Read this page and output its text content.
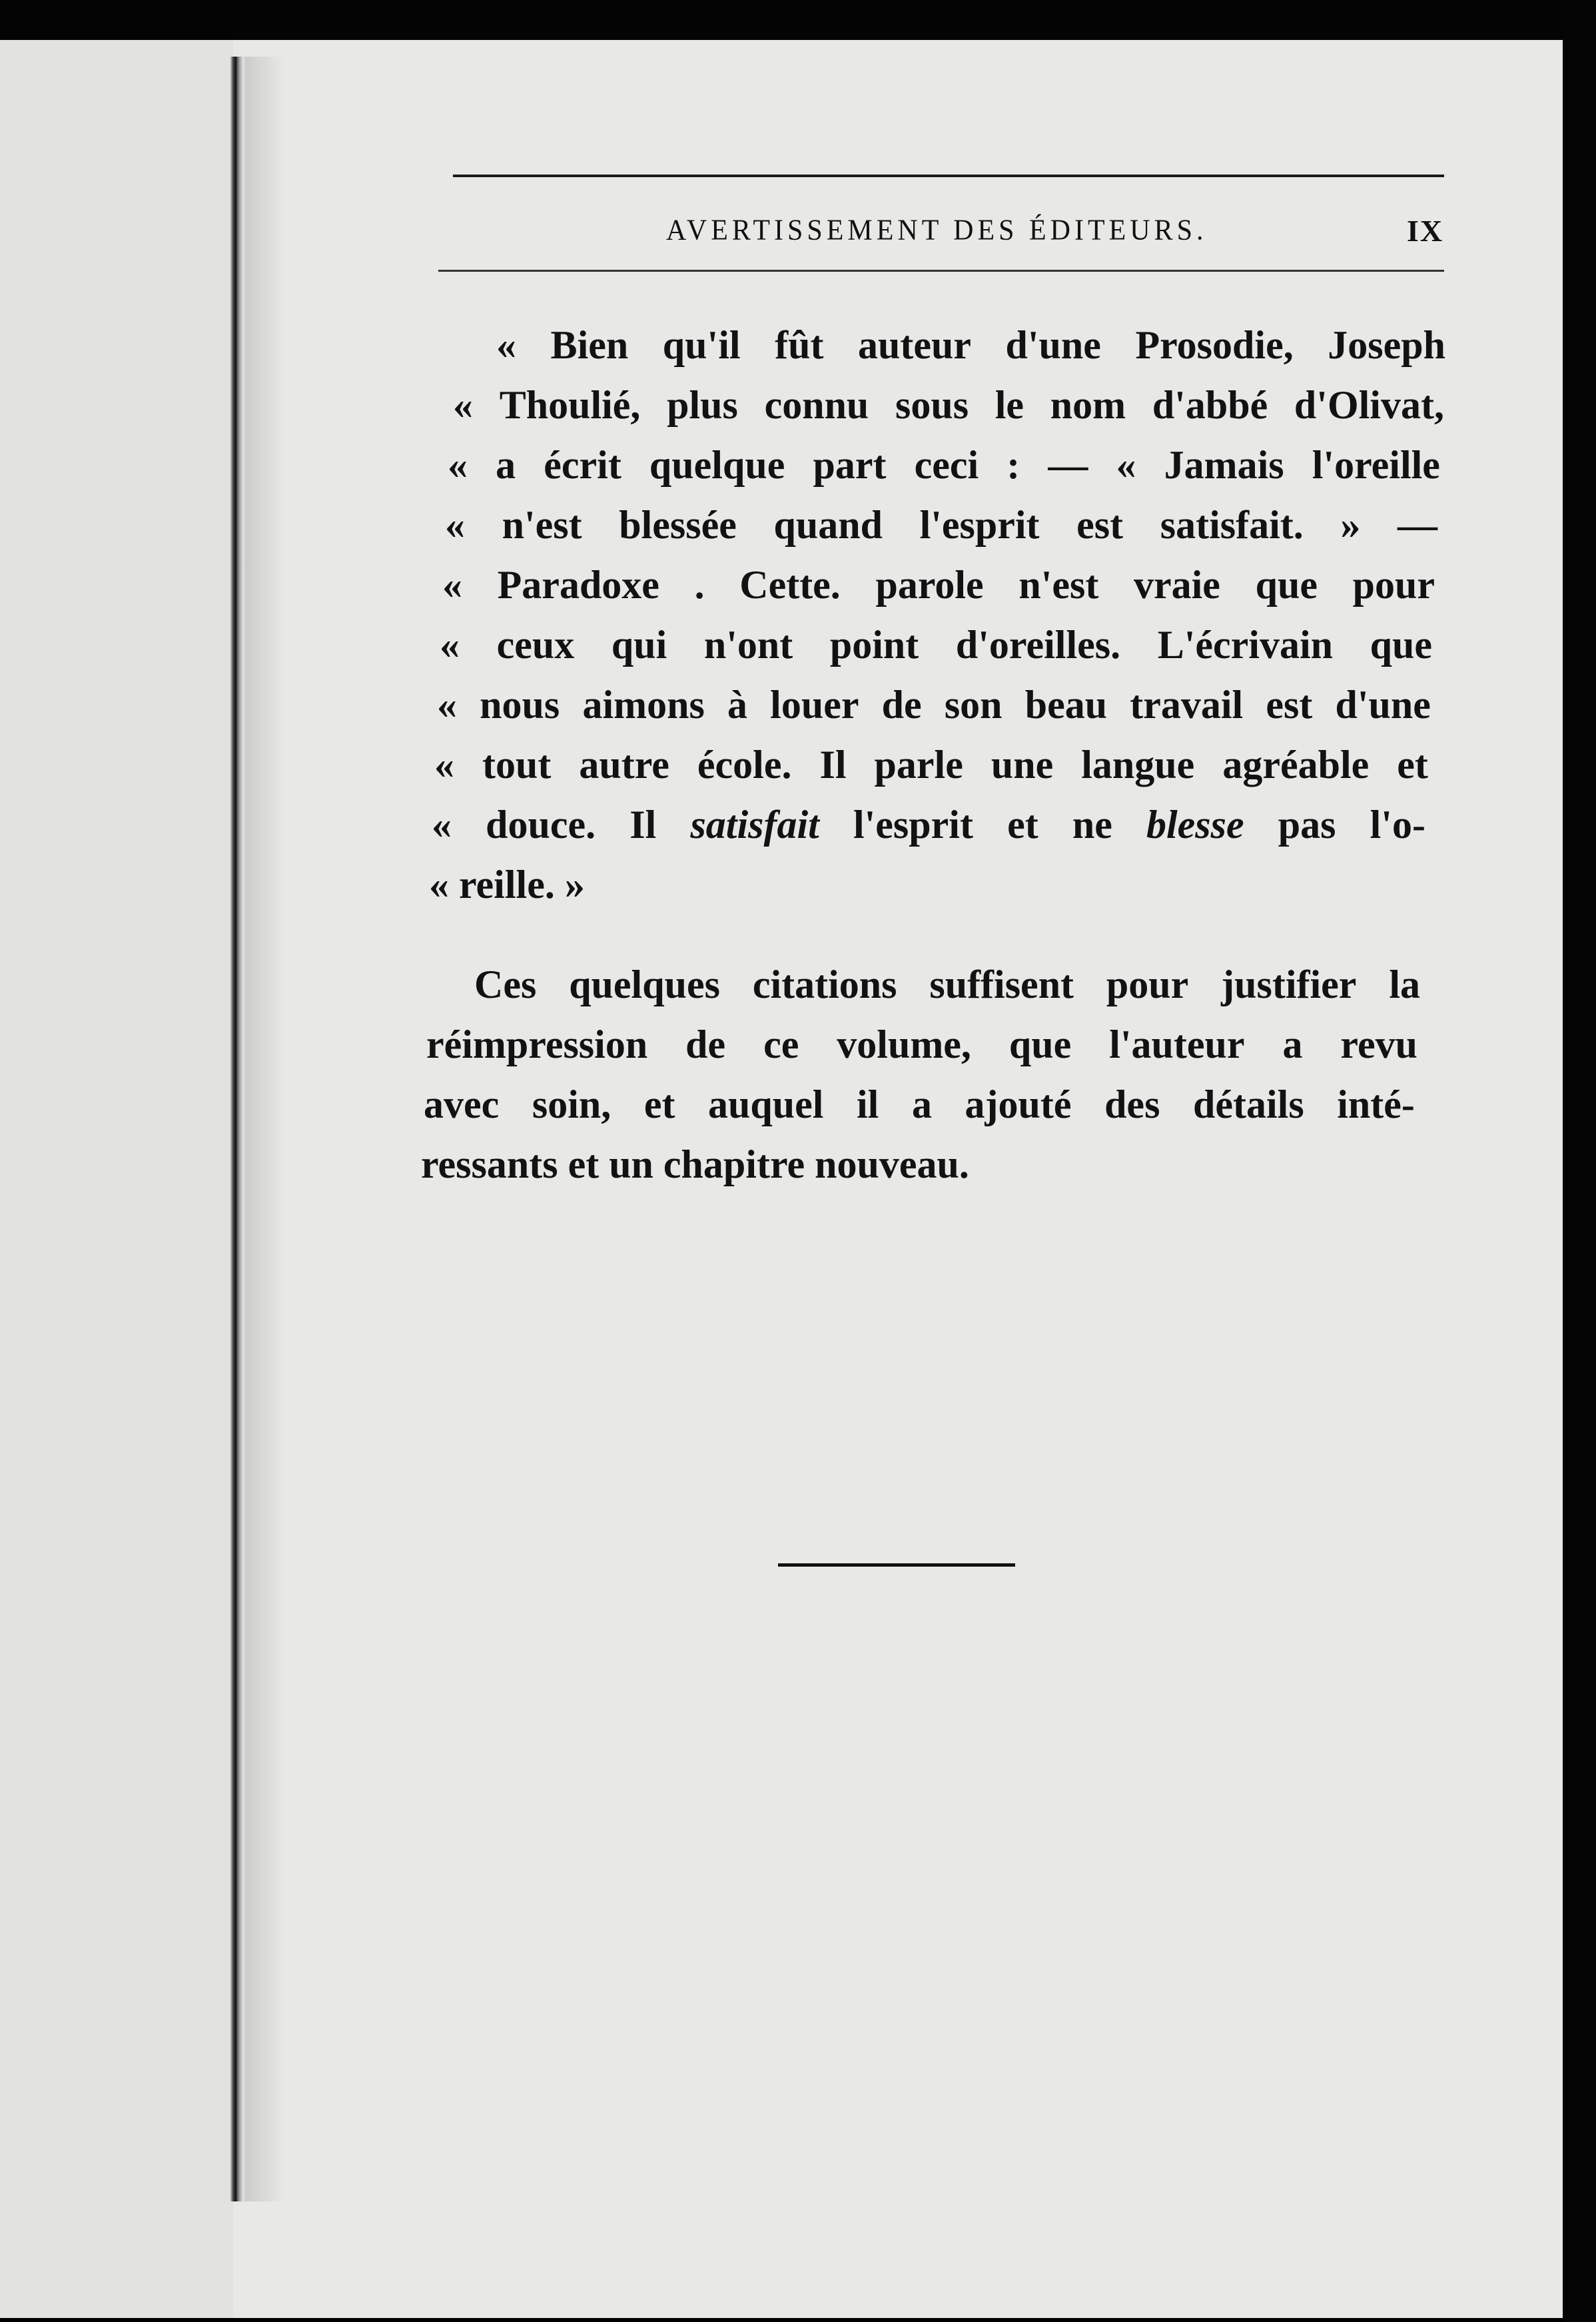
AVERTISSEMENT DES ÉDITEURS.	IX
« Bien qu'il fût auteur d'une Prosodie, Joseph
« Thoulié, plus connu sous le nom d'abbé d'Olivat,
« a écrit quelque part ceci : — « Jamais l'oreille
« n'est blessée quand l'esprit est satisfait. » —
« Paradoxe . Cette. parole n'est vraie que pour
« ceux qui n'ont point d'oreilles. L'écrivain que
« nous aimons à louer de son beau travail est d'une
« tout autre école. Il parle une langue agréable et
« douce. Il satisfait l'esprit et ne blesse pas l'o-
« reille. »
Ces quelques citations suffisent pour justifier la
réimpression de ce volume, que l'auteur a revu
avec soin, et auquel il a ajouté des détails inté-
ressants et un chapitre nouveau.
